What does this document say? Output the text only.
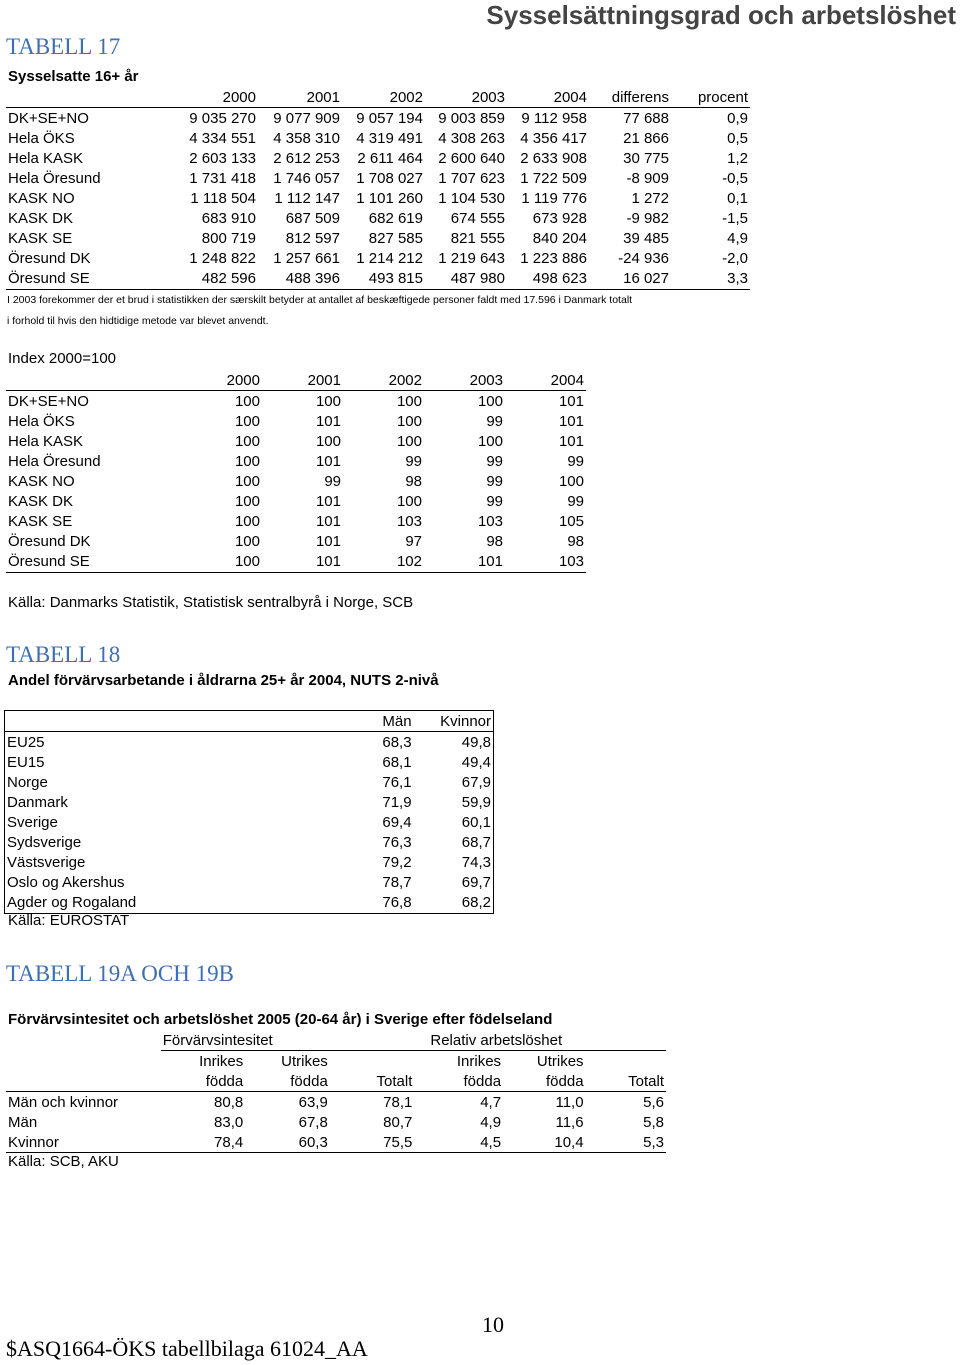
Sysselsättningsgrad och arbetslöshet
TABELL 17
Sysselsatte 16+ år
	2000	2001	2002	2003	2004	differens	procent
DK+SE+NO	9 035 270	9 077 909	9 057 194	9 003 859	9 112 958	77 688	0,9
Hela ÖKS	4 334 551	4 358 310	4 319 491	4 308 263	4 356 417	21 866	0,5
Hela KASK	2 603 133	2 612 253	2 611 464	2 600 640	2 633 908	30 775	1,2
Hela Öresund	1 731 418	1 746 057	1 708 027	1 707 623	1 722 509	-8 909	-0,5
KASK NO	1 118 504	1 112 147	1 101 260	1 104 530	1 119 776	1 272	0,1
KASK DK	683 910	687 509	682 619	674 555	673 928	-9 982	-1,5
KASK SE	800 719	812 597	827 585	821 555	840 204	39 485	4,9
Öresund DK	1 248 822	1 257 661	1 214 212	1 219 643	1 223 886	-24 936	-2,0
Öresund SE	482 596	488 396	493 815	487 980	498 623	16 027	3,3
I 2003 forekommer der et brud i statistikken der særskilt betyder at antallet af beskæftigede personer faldt med 17.596 i Danmark totalt
i forhold til hvis den hidtidige metode var blevet anvendt.
Index 2000=100
	2000	2001	2002	2003	2004
DK+SE+NO	100	100	100	100	101
Hela ÖKS	100	101	100	99	101
Hela KASK	100	100	100	100	101
Hela Öresund	100	101	99	99	99
KASK NO	100	99	98	99	100
KASK DK	100	101	100	99	99
KASK SE	100	101	103	103	105
Öresund DK	100	101	97	98	98
Öresund SE	100	101	102	101	103
Källa: Danmarks Statistik, Statistisk sentralbyrå i Norge, SCB
TABELL 18
Andel förvärvsarbetande i åldrarna 25+ år 2004, NUTS 2-nivå
	Män	Kvinnor
EU25	68,3	49,8
EU15	68,1	49,4
Norge	76,1	67,9
Danmark	71,9	59,9
Sverige	69,4	60,1
Sydsverige	76,3	68,7
Västsverige	79,2	74,3
Oslo og Akershus	78,7	69,7
Agder og Rogaland	76,8	68,2
Källa: EUROSTAT
TABELL 19A OCH 19B
Förvärvsintesitet och arbetslöshet 2005 (20-64 år) i Sverige efter födelseland
	Förvärvsintesitet			Relativ arbetslöshet		
	Inrikes	Utrikes		Inrikes	Utrikes	
	födda	födda	Totalt	födda	födda	Totalt
Män och kvinnor	80,8	63,9	78,1	4,7	11,0	5,6
Män	83,0	67,8	80,7	4,9	11,6	5,8
Kvinnor	78,4	60,3	75,5	4,5	10,4	5,3
Källa: SCB, AKU
10
$ASQ1664-ÖKS tabellbilaga 61024_AA
